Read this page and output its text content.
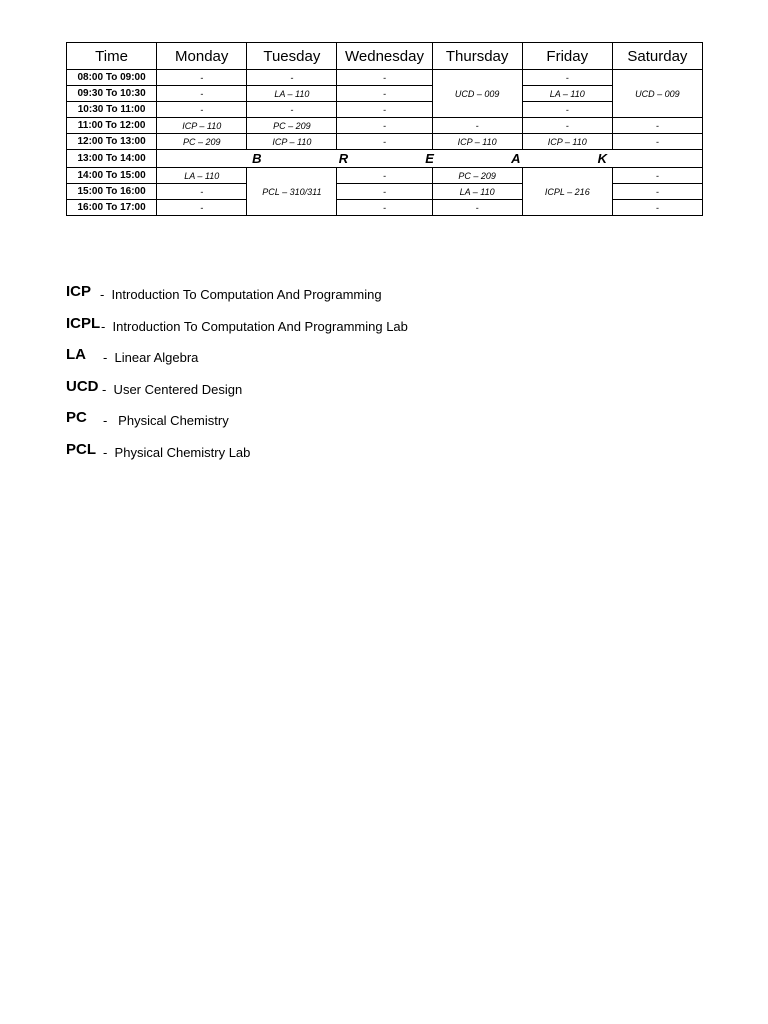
Time	Monday	Tuesday	Wednesday	Thursday	Friday	Saturday
08:00 To 09:00	-	-	-	UCD – 009	-	UCD – 009
09:30 To 10:30	-	LA – 110	-		LA – 110	
10:30 To 11:00	-	-	-		-	
11:00 To 12:00	ICP – 110	PC – 209	-	-	-	-
12:00 To 13:00	PC – 209	ICP – 110	-	ICP – 110	ICP – 110	-
13:00 To 14:00	B R E A K					

14:00 To 15:00	LA – 110	PCL – 310/311	-	PC – 209	ICPL – 216	-
15:00 To 16:00	-		-	LA – 110		-
16:00 To 17:00	-		-	-		-
ICP -  Introduction To Computation And Programming
ICPL -  Introduction To Computation And Programming Lab
LA -  Linear Algebra
UCD -  User Centered Design
PC -   Physical Chemistry
PCL -  Physical Chemistry Lab
